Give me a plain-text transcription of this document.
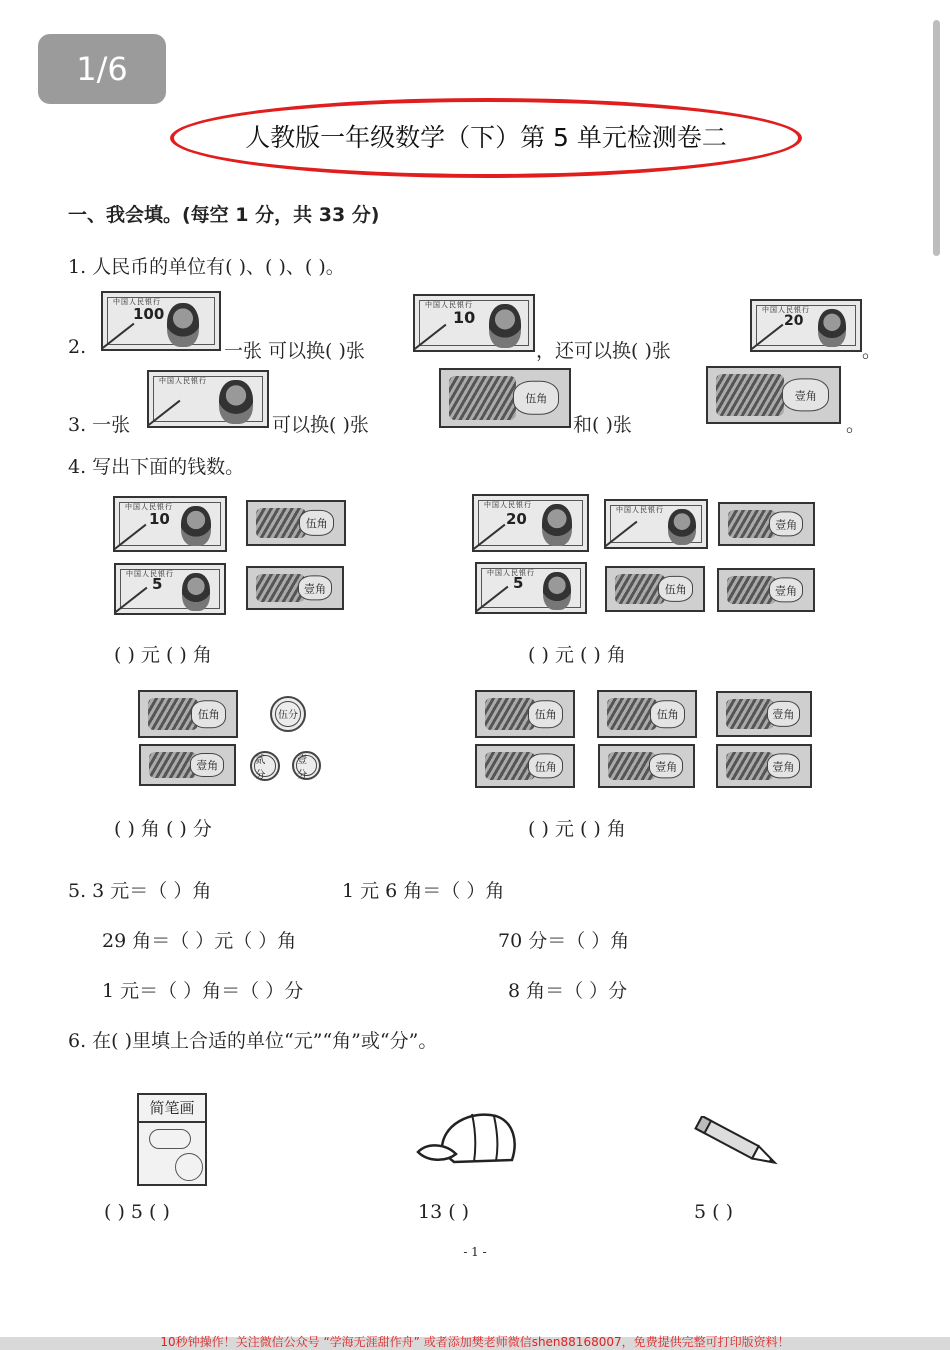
1/6
人教版一年级数学（下）第 5 单元检测卷二
一、我会填。(每空 1 分，共 33 分)
1. 人民币的单位有( )、( )、( )。
2.
中国人民银行
100
一张 可以换( )张
中国人民银行
10
，还可以换( )张
中国人民银行
20
。
3. 一张
中国人民银行
可以换( )张
伍角
和( )张
壹角
。
4. 写出下面的钱数。
中国人民银行
10	伍角
中国人民银行
5	壹角
( ) 元 ( ) 角
中国人民银行
20	中国人民银行
壹角
中国人民银行
5	伍角	壹角
( ) 元 ( ) 角
伍角	伍分
壹角	贰分
壹分
( ) 角 ( ) 分
伍角	伍角	壹角
伍角	壹角	壹角
( ) 元 ( ) 角
5. 3 元＝（ ）角	1 元 6 角＝（ ）角
29 角＝（ ）元（ ）角	70 分＝（ ）角
1 元＝（ ）角＝（ ）分	8 角＝（ ）分
6. 在( )里填上合适的单位“元”“角”或“分”。
简笔画
( ) 5 ( )	13 ( )	5 ( )
- 1 -
10秒钟操作！关注微信公众号 “学海无涯甜作舟” 或者添加樊老师微信shen88168007，免费提供完整可打印版资料！
